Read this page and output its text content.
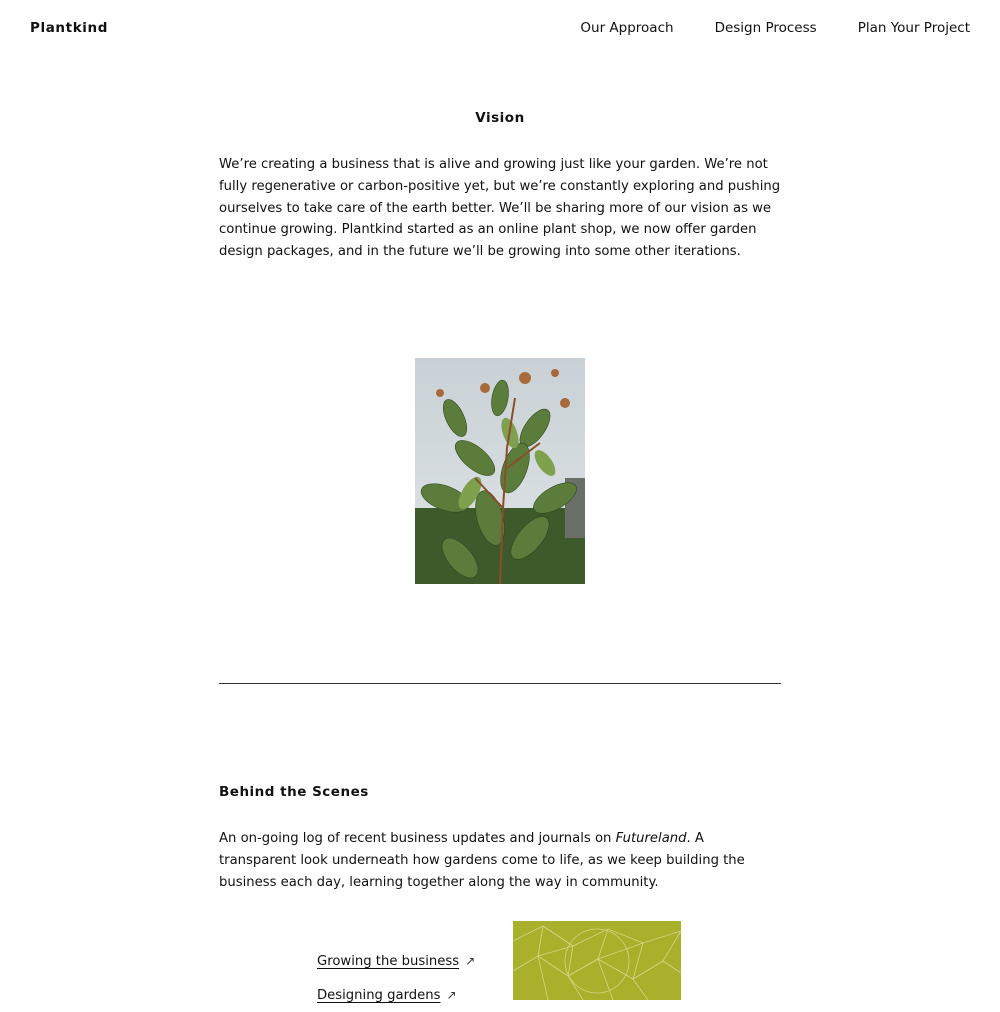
Plantkind	Our Approach	Design Process	Plan Your Project
Vision

We’re creating a business that is alive and growing just like your garden. We’re not fully regenerative or carbon-positive yet, but we’re constantly exploring and pushing ourselves to take care of the earth better. We’ll be sharing more of our vision as we continue growing. Plantkind started as an online plant shop, we now offer garden design packages, and in the future we’ll be growing into some other iterations.

Behind the Scenes

An on-going log of recent business updates and journals on Futureland. A transparent look underneath how gardens come to life, as we keep building the business each day, learning together along the way in community.

Growing the business ↗
Designing gardens ↗
